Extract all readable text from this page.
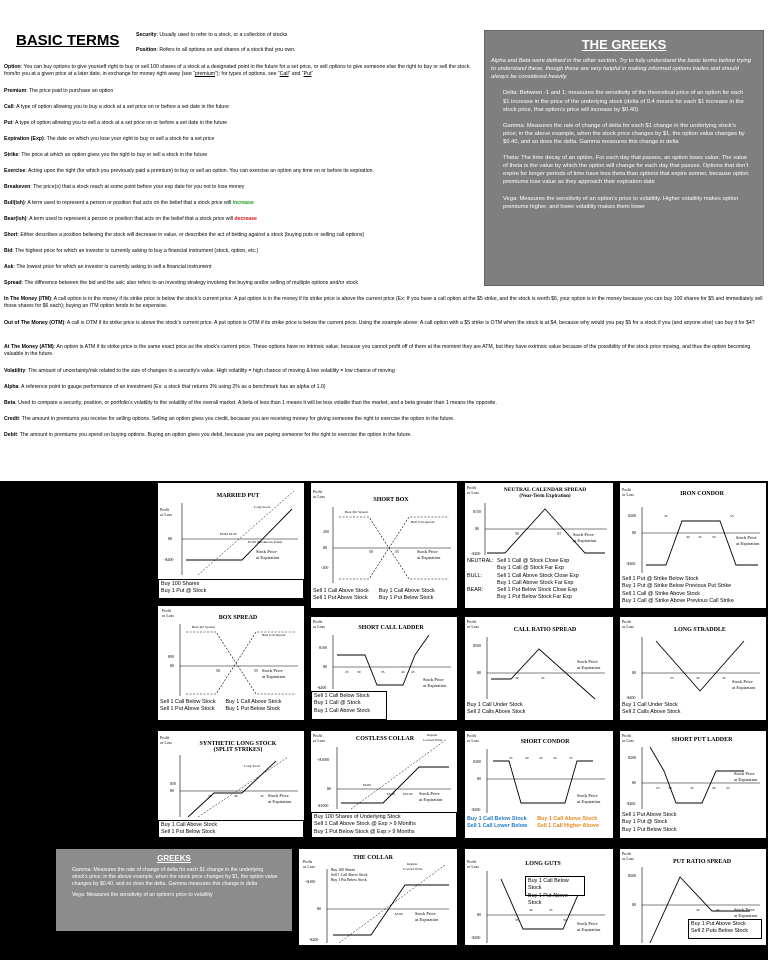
BASIC TERMS	Security: Usually used to refer to a stock, or a collection of stocks
Position: Refers to all options on and shares of a stock that you own.
Option: You can buy options to give yourself right to buy or sell 100 shares of a stock at a designated point in the future for a set price, or sell options to give someone else the right to buy or sell the stock from/to you at a given price at a later date, in exchange for money right away (see “premium”); for types of options, see “Call” and “Put”
Premium: The price paid to purchase an option
Call: A type of option allowing you to buy a stock at a set price on or before a set date in the future
Put: A type of option allowing you to sell a stock at a set price on or before a set date in the future
Expiration (Exp): The date on which you lose your right to buy or sell a stock for a set price
Strike: The price at which an option gives you the right to buy or sell a stock in the future
Exercise: Acting upon the right (for which you previously paid a premium) to buy or sell an option. You can exercise an option any time on or before its expiration.
Breakeven: The price(s) that a stock reach at some point before your exp date for you not to lose money
Bull(ish): A term used to represent a person or position that acts on the belief that a stock price will increase
Bear(ish): A term used to represent a person or position that acts on the belief that a stock price will decrease
Short: Either describes a position believing the stock will decrease in value, or describes the act of betting against a stock (buying puts or selling call options)
Bid: The highest price for which an investor is currently asking to buy a financial instrument (stock, option, etc.)
Ask: The lowest price for which an investor is currently asking to sell a financial instrument
Spread: The difference between the bid and the ask; also refers to an investing strategy involving the buying and/or selling of multiple options and/or stock
In The Money (ITM): A call option is in the money if its strike price is below the stock’s current price. A put option is in the money if its strike price is above the current price (Ex: If you have a call option at the $5 strike, and the stock is worth $6, your option is in the money because you can buy 100 shares for $5 and immediately sell those shares for $6 each); buying an ITM option tends to be expensive.
Out of The Money (OTM): A call is OTM if its strike price is above the stock’s current price. A put option is OTM if its strike price is below the current price. Using the example above: A call option with a $5 strike is OTM when the stock is at $4, because why would you pay $5 for a stock if you (and anyone else) can buy it for $4?
At The Money (ATM): An option is ATM if its strike price is the same exact price as the stock’s current price. These options have no intrinsic value, because you cannot profit off of them at the moment they are ATM, but they have extrinsic value because of the possibility of the stock price moving, and thus the option becoming valuable in the future.
Volatility: The amount of uncertainty/risk related to the size of changes in a security’s value. High volatility = high chance of moving & low volatility = low chance of moving
Alpha: A reference point to gauge performance of an investment (Ex: a stock that returns 3% using 2% as a benchmark has an alpha of 1.0)
Beta: Used to compare a security, position, or portfolio’s volatility to the volatility of the overall market. A beta of less than 1 means it will be less volatile than the market, and a beta greater than 1 means the opposite.
Credit: The amount in premiums you receive for selling options. Selling an option gives you credit, because you are receiving money for giving someone the right to exercise the option in the future.
Debit: The amount in premiums you spend on buying options. Buying an option gives you debit, because you are paying someone for the right to exercise the option in the future.
THE GREEKS
Alpha and Beta were defined in the other section. Try to fully understand the basic terms before trying to understand these, though these are very helpful in making informed options trades and should always be considered heavily.
Delta: Between -1 and 1; measures the sensitivity of the theoretical price of an option for each $1 increase in the price of the underlying stock (delta of 0.4 means for each $1 increase in the stock price, that option’s price will increase by $0.40)
Gamma: Measures the rate of change of delta for each $1 change in the underlying stock’s price; in the above example, when the stock price changes by $1, the option value changes by $0.40, and so does the delta. Gamma measures this change in delta
Theta: The time decay of an option. For each day that passes, an option loses value. The value of theta is the value by which the option will change for each day that passes. Options that don’t expire for longer periods of time have less theta than options that expire sooner, because option premiums lose value as they approach their expiration date
Vega: Measures the sensitivity of an option’s price to volatility. Higher volatility makes option premiums higher, and lower volatility makes them lower
MARRIED PUT
Profit
or Loss
$0
-$200
Long Stock
$0.80 $2.00
$1.00 (Breakeven Point)
Stock Price
at Expiration
Buy 100 Shares
Buy 1 Put @ Stock
Profit
or Loss
SHORT BOX
200
$0
-200
Bear Put Spread
Bull Call Spread
50	55	Stock Price
at Expiration
Sell 1 Call Above Stock
Sell 1 Put Above Stock
Buy 1 Call Above Stock
Buy 1 Put Below Stock
Profit
or Loss	NEUTRAL CALENDAR SPREAD
(Near-Term Expiration)
$150
$0
-$200
50	51	Stock Price
at Expiration
NEUTRAL: Sell 1 Call @ Stock Close Exp
Buy 1 Call @ Stock Far Exp
BULL:	Sell 1 Call Above Stock Close Exp
Buy 1 Call Above Stock Far Exp
BEAR:	Sell 1 Put Below Stock Close Exp
Buy 1 Put Below Stock Far Exp
Profit
or Loss	IRON CONDOR
$200
$0
-$300
35
40 45	50
55
Stock Price
at Expiration
Sell 1 Put @ Strike Below Stock
Buy 1 Put @ Strike Below Previous Put Strike
Sell 1 Call @ Strike Above Stock
Buy 1 Call @ Strike Above Previous Call Strike
Profit
or Loss	BOX SPREAD
$90
$0
Bear Put Spread
Bull Call Spread
50	55 Stock Price
at Expiration
Sell 1 Call Below Stock
Sell 1 Put Above Stock
Buy 1 Call Above Stock
Buy 1 Put Below Stock
Profit
or Loss	SHORT CALL LADDER
$100
$0
-$200
25 30	35	40 45
Stock Price
at Expiration
Sell 1 Call Below Stock
Buy 1 Call @ Stock
Buy 1 Call Above Stock
Profit
or Loss
CALL RATIO SPREAD
$500
$0
30	45
Stock Price
at Expiration
Buy 1 Call Under Stock
Sell 2 Calls Above Stock
Profit
or Loss
LONG STRADDLE
$0
-$400
35	40	45
Stock Price
at Expiration
Buy 1 Call Under Stock
Sell 2 Calls Above Stock
Profit
or Loss	SYNTHETIC LONG STOCK
(SPLIT STRIKES)
$50
$0
Long Stock
35	40	45 Stock Price
at Expiration
Buy 1 Call Above Stock
Sell 1 Put Below Stock
Profit
or Loss	COSTLESS COLLAR
Regular
Covered Write
+$1000
$0
-$1000
$0.00
$5.00 $10.00 Stock Price
at Expiration
Buy 100 Shares of Underlying Stock
Sell 1 Call Above Stock @ Exp > 9 Months
Buy 1 Put Below Stock @ Exp > 9 Months
Profit
or Loss	SHORT CONDOR
$300
$0
-$200
35	40	45	50	55
Stock Price
at Expiration
Buy 1 Call Below Stock
Sell 1 Call Lower Below
Buy 1 Call Above Stock
Sell 1 Call Higher Above
Profit
or Loss	SHORT PUT LADDER
$200
$0
-$200
25 30	35	40	45
Stock Price
at Expiration
Sell 1 Put Above Stock
Buy 1 Put @ Stock
Buy 1 Put Below Stock
GREEKS

Gamma: Measures the rate of change of delta for each $1 change in the underlying stock’s price; in the above example, when the stock price changes by $1, the option value changes by $0.40, and so does the delta. Gamma measures this change in delta

Vega: Measures the sensitivity of an option’s price to volatility

Profit
or Loss
THE COLLAR
Regular
Covered Write
Buy 100 Shares
Sell 1 Call Above Stock
Buy 1 Put Below Stock
+$100
$0
-$200
$5.00	Stock Price
at Expiration
Profit
or Loss	LONG GUTS
$0
-$200
35
40	45
50
Stock Price
at Expiration
Buy 1 Call Below Stock
Buy 1 Put Above Stock
Profit
or Loss
PUT RATIO SPREAD
$500
$0
40	45	Stock Price
at Expiration
Buy 1 Put Above Stock
Sell 2 Puts Below Stock
